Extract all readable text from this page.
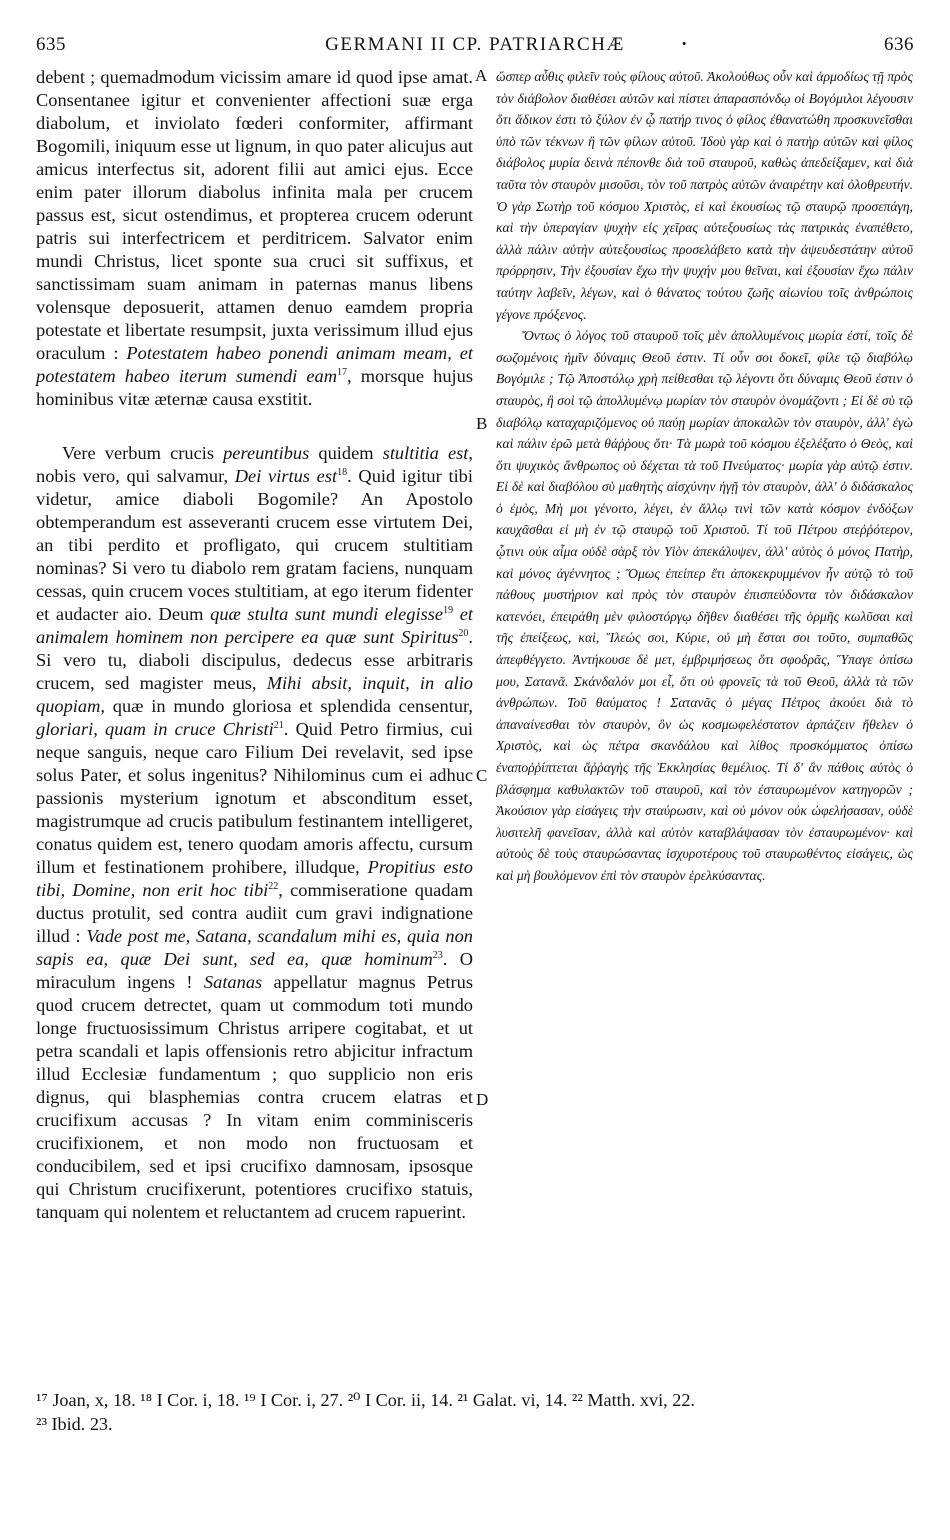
635	GERMANI II CP. PATRIARCHÆ	·	636

debent ; quemadmodum vicissim amare id quod ipse amat. Consentanee igitur et convenienter affectioni suæ erga diabolum, et inviolato fœderi conformiter, affirmant Bogomili, iniquum esse ut lignum, in quo pater alicujus aut amicus interfectus sit, adorent filii aut amici ejus. Ecce enim pater illorum diabolus infinita mala per crucem passus est, sicut ostendimus, et propterea crucem oderunt patris sui interfectricem et perditricem. Salvator enim mundi Christus, licet sponte sua cruci sit suffixus, et sanctissimam suam animam in paternas manus libens volensque deposuerit, attamen denuo eamdem propria potestate et libertate resumpsit, juxta verissimum illud ejus oraculum : Potestatem habeo ponendi animam meam, et potestatem habeo iterum sumendi eam$^{17}$, morsque hujus hominibus vitæ æternæ causa exstitit.

Vere verbum crucis pereuntibus quidem stultitia est, nobis vero, qui salvamur, Dei virtus est$^{18}$. Quid igitur tibi videtur, amice diaboli Bogomile? An Apostolo obtemperandum est asseveranti crucem esse virtutem Dei, an tibi perdito et profligato, qui crucem stultitiam nominas? Si vero tu diabolo rem gratam faciens, nunquam cessas, quin crucem voces stultitiam, at ego iterum fidenter et audacter aio. Deum quæ stulta sunt mundi elegisse$^{19}$ et animalem hominem non percipere ea quæ sunt Spiritus$^{20}$. Si vero tu, diaboli discipulus, dedecus esse arbitraris crucem, sed magister meus, Mihi absit, inquit, in alio quopiam, quæ in mundo gloriosa et splendida censentur, gloriari, quam in cruce Christi$^{21}$. Quid Petro firmius, cui neque sanguis, neque caro Filium Dei revelavit, sed ipse solus Pater, et solus ingenitus? Nihilominus cum ei adhuc passionis mysterium ignotum et absconditum esset, magistrumque ad crucis patibulum festinantem intelligeret, conatus quidem est, tenero quodam amoris affectu, cursum illum et festinationem prohibere, illudque, Propitius esto tibi, Domine, non erit hoc tibi$^{22}$, commiseratione quadam ductus protulit, sed contra audiit cum gravi indignatione illud : Vade post me, Satana, scandalum mihi es, quia non sapis ea, quæ Dei sunt, sed ea, quæ hominum$^{23}$. O miraculum ingens ! Satanas appellatur magnus Petrus quod crucem detrectet, quam ut commodum toti mundo longe fructuosissimum Christus arripere cogitabat, et ut petra scandali et lapis offensionis retro abjicitur infractum illud Ecclesiæ fundamentum ; quo supplicio non eris dignus, qui blasphemias contra crucem elatras et crucifixum accusas ? In vitam enim comminisceris crucifixionem, et non modo non fructuosam et conducibilem, sed et ipsi crucifixo damnosam, ipsosque qui Christum crucifixerunt, potentiores crucifixo statuis, tanquam qui nolentem et reluctantem ad crucem rapuerint.

A
B
C
D

ὥσπερ αὖθις φιλεῖν τοὺς φίλους αὐτοῦ. Ἀκολούθως οὖν καὶ ἁρμοδίως τῇ πρὸς τὸν διάβολον διαθέσει αὐτῶν καὶ πίστει ἀπαρασπόνδῳ οἱ Βογόμιλοι λέγουσιν ὅτι ἄδικον ἐστι τὸ ξύλον ἐν ᾧ πατήρ τινος ὁ φίλος ἐθανατώθη προσκυνεῖσθαι ὑπὸ τῶν τέκνων ἢ τῶν φίλων αὐτοῦ. Ἰδοὺ γὰρ καὶ ὁ πατὴρ αὐτῶν καὶ φίλος διάβολος μυρία δεινὰ πέπονθε διὰ τοῦ σταυροῦ, καθὼς ἀπεδείξαμεν, καὶ διὰ ταῦτα τὸν σταυρὸν μισοῦσι, τὸν τοῦ πατρὸς αὐτῶν ἀναιρέτην καὶ ὀλοθρευτήν. Ὁ γὰρ Σωτὴρ τοῦ κόσμου Χριστὸς, εἰ καὶ ἑκουσίως τῷ σταυρῷ προσεπάγη, καὶ τὴν ὑπεραγίαν ψυχὴν εἰς χεῖρας αὐτεξουσίως τὰς πατρικὰς ἐναπέθετο, ἀλλὰ πάλιν αὐτὴν αὐτεξουσίως προσελάβετο κατὰ τὴν ἀψευδεστάτην αὐτοῦ πρόρρησιν, Τὴν ἐξουσίαν ἔχω τὴν ψυχήν μου θεῖναι, καὶ ἐξουσίαν ἔχω πάλιν ταύτην λαβεῖν, λέγων, καὶ ὁ θάνατος τούτου ζωῆς αἰωνίου τοῖς ἀνθρώποις γέγονε πρόξενος.

Ὄντως ὁ λόγος τοῦ σταυροῦ τοῖς μὲν ἀπολλυμένοις μωρία ἐστί, τοῖς δὲ σωζομένοις ἡμῖν δύναμις Θεοῦ ἐστιν. Τί οὖν σοι δοκεῖ, φίλε τῷ διαβόλῳ Βογόμιλε ; Τῷ Ἀποστόλῳ χρὴ πείθεσθαι τῷ λέγοντι ὅτι δύναμις Θεοῦ ἐστιν ὁ σταυρὸς, ἢ σοὶ τῷ ἀπολλυμένῳ μωρίαν τὸν σταυρὸν ὀνομάζοντι ; Εἰ δὲ σὺ τῷ διαβόλῳ καταχαριζόμενος οὐ παύῃ μωρίαν ἀποκαλῶν τὸν σταυρὸν, ἀλλ' ἐγὼ καὶ πάλιν ἐρῶ μετὰ θάῤῥους ὅτι· Τὰ μωρὰ τοῦ κόσμου ἐξελέξατο ὁ Θεὸς, καὶ ὅτι ψυχικὸς ἄνθρωπος οὐ δέχεται τὰ τοῦ Πνεύματος· μωρία γὰρ αὐτῷ ἐστιν. Εἰ δὲ καὶ διαβόλου σὺ μαθητὴς αἰσχύνην ἡγῇ τὸν σταυρὸν, ἀλλ' ὁ διδάσκαλος ὁ ἐμὸς, Μὴ μοι γένοιτο, λέγει, ἐν ἄλλῳ τινὶ τῶν κατὰ κόσμον ἐνδόξων καυχᾶσθαι εἰ μὴ ἐν τῷ σταυρῷ τοῦ Χριστοῦ. Τί τοῦ Πέτρου στεῤῥότερον, ᾧτινι οὐκ αἷμα οὐδὲ σὰρξ τὸν Υἱὸν ἀπεκάλυψεν, ἀλλ' αὐτὸς ὁ μόνος Πατὴρ, καὶ μόνος ἀγέννητος ; Ὅμως ἐπείπερ ἔτι ἀποκεκρυμμένον ἦν αὐτῷ τὸ τοῦ πάθους μυστήριον καὶ πρὸς τὸν σταυρὸν ἐπισπεύδοντα τὸν διδάσκαλον κατενόει, ἐπειράθη μὲν φιλοστόργῳ δῆθεν διαθέσει τῆς ὁρμῆς κωλῦσαι καὶ τῆς ἐπείξεως, καὶ, Ἵλεώς σοι, Κύριε, οὐ μὴ ἔσται σοι τοῦτο, συμπαθῶς ἀπεφθέγγετο. Ἀντήκουσε δὲ μετ, ἐμβριμήσεως ὅτι σφοδρᾶς, Ὕπαγε ὀπίσω μου, Σατανᾶ. Σκάνδαλόν μοι εἶ, ὅτι οὐ φρονεῖς τὰ τοῦ Θεοῦ, ἀλλὰ τὰ τῶν ἀνθρώπων. Τοῦ θαύματος ! Σατανᾶς ὁ μέγας Πέτρος ἀκούει διὰ τὸ ἀπαναίνεσθαι τὸν σταυρὸν, ὃν ὡς κοσμωφελέστατον ἁρπάζειν ἤθελεν ὁ Χριστὸς, καὶ ὡς πέτρα σκανδάλου καὶ λίθος προσκόμματος ὀπίσω ἐναποῤῥίπτεται ἄῤῥαγὴς τῆς Ἐκκλησίας θεμέλιος. Τί δ' ἂν πάθοις αὐτὸς ὁ βλάσφημα καθυλακτῶν τοῦ σταυροῦ, καὶ τὸν ἐσταυρωμένον κατηγορῶν ; Ἀκούσιον γὰρ εἰσάγεις τὴν σταύρωσιν, καὶ οὐ μόνον οὐκ ὠφελήσασαν, οὐδὲ λυσιτελῆ φανεῖσαν, ἀλλὰ καὶ αὐτὸν καταβλάψασαν τὸν ἐσταυρωμένον· καὶ αὐτοὺς δὲ τοὺς σταυρώσαντας ἰσχυροτέρους τοῦ σταυρωθέντος εἰσάγεις, ὡς καὶ μὴ βουλόμενον ἐπὶ τὸν σταυρὸν ἑρελκύσαντας.

¹⁷ Joan, x, 18. ¹⁸ I Cor. i, 18. ¹⁹ I Cor. i, 27. ²⁰ I Cor. ii, 14. ²¹ Galat. vi, 14. ²² Matth. xvi, 22.
²³ Ibid. 23.
